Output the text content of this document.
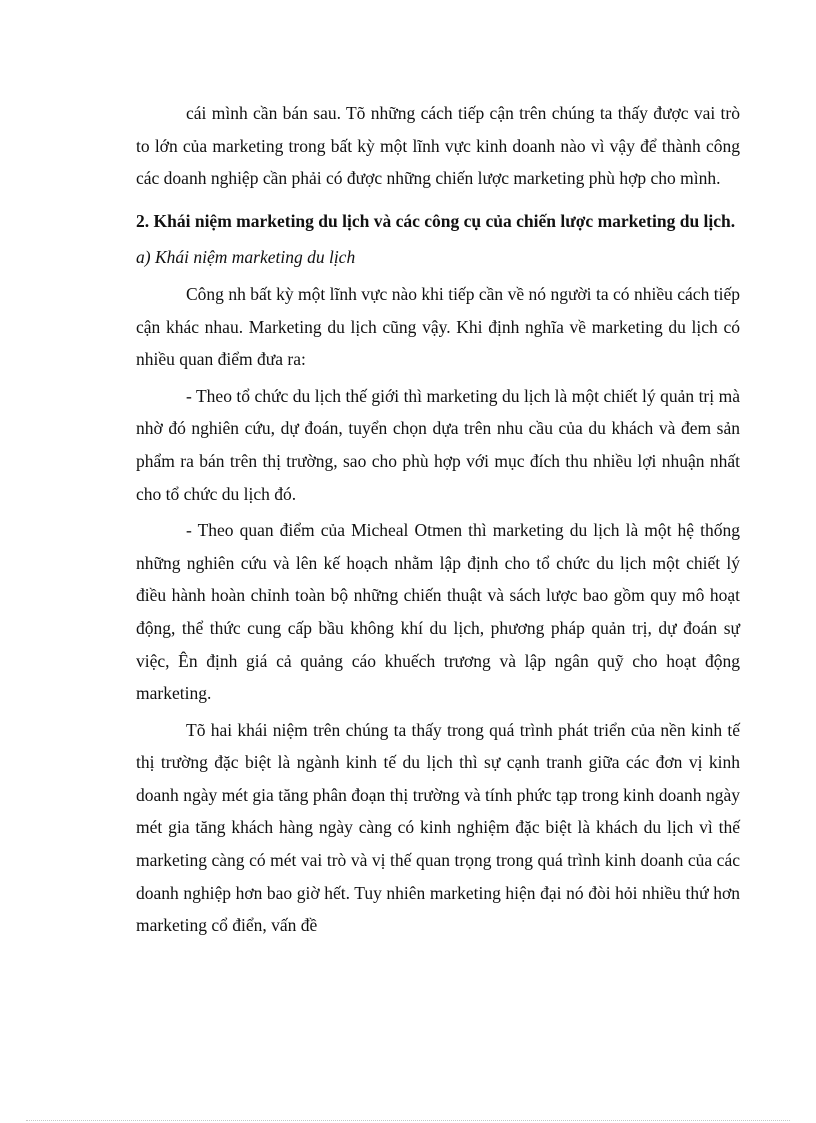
cái mình cần bán sau. Tõ những cách tiếp cận trên chúng ta thấy được vai trò to lớn của marketing trong bất kỳ một lĩnh vực kinh doanh nào vì vậy để thành công các doanh nghiệp cần phải có được những chiến lược marketing phù hợp cho mình.

2. Khái niệm marketing du lịch và các công cụ của chiến lược marketing du lịch.

a) Khái niệm marketing du lịch

Công nh bất kỳ một lĩnh vực nào khi tiếp cần về nó người ta có nhiều cách tiếp cận khác nhau. Marketing du lịch cũng vậy. Khi định nghĩa về marketing du lịch có nhiều quan điểm đưa ra:

- Theo tổ chức du lịch thế giới thì marketing du lịch là một chiết lý quản trị mà nhờ đó nghiên cứu, dự đoán, tuyển chọn dựa trên nhu cầu của du khách và đem sản phẩm ra bán trên thị trường, sao cho phù hợp với mục đích thu nhiều lợi nhuận nhất cho tổ chức du lịch đó.

- Theo quan điểm của Micheal Otmen thì marketing du lịch là một hệ thống những nghiên cứu và lên kế hoạch nhằm lập định cho tổ chức du lịch một chiết lý điều hành hoàn chỉnh toàn bộ những chiến thuật và sách lược bao gồm quy mô hoạt động, thể thức cung cấp bầu không khí du lịch, phương pháp quản trị, dự đoán sự việc, Ên định giá cả quảng cáo khuếch trương và lập ngân quỹ cho hoạt động marketing.

Tõ hai khái niệm trên chúng ta thấy trong quá trình phát triển của nền kinh tế thị trường đặc biệt là ngành kinh tế du lịch thì sự cạnh tranh giữa các đơn vị kinh doanh ngày mét gia tăng phân đoạn thị trường và tính phức tạp trong kinh doanh ngày mét gia tăng khách hàng ngày càng có kinh nghiệm đặc biệt là khách du lịch vì thế marketing càng có mét vai trò và vị thế quan trọng trong quá trình kinh doanh của các doanh nghiệp hơn bao giờ hết. Tuy nhiên marketing hiện đại nó đòi hỏi nhiều thứ hơn marketing cổ điển, vấn đề
